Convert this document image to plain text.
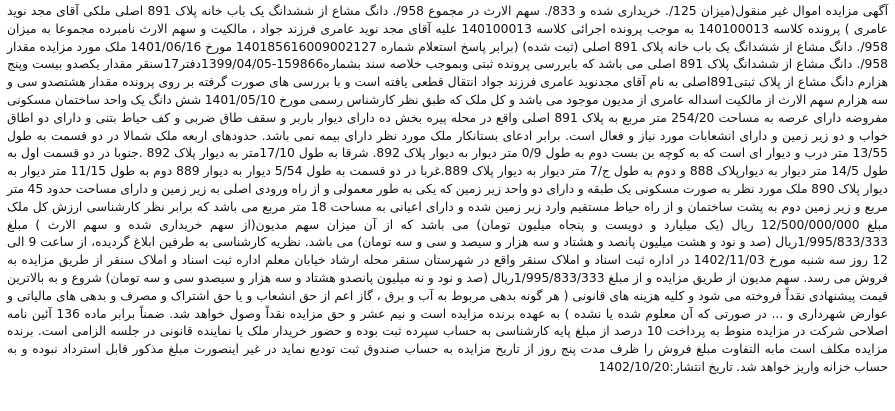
آگهی مزایده اموال غیر منقول(میزان 125/. خریداری شده و 833/. سهم الارث در مجموع 958/. دانگ مشاع از ششدانگ یک باب خانه پلاک 891 اصلی ملکی آقای مجد نوید عامری ) پرونده کلاسه 140100013 به موجب پرونده اجرائی کلاسه 140100013 علیه آقای مجد نوید عامری فرزند جواد ، مالکیت و سهم الارث نامبرده مجموعا به میزان 958/. دانگ مشاع از ششدانگ یک باب خانه پلاک 891 اصلی (ثبت شده) (برابر پاسخ استعلام شماره 14018561600900212​7 مورخ 1401/06/16 ملک مورد مزایده مقدار 958/. دانگ مشاع از ششدانگ پلاک 891 اصلی می باشد که بابررسی پرونده ثبتی وبموجب خلاصه سند بشماره159866-1399/04/05دفتر17سنقر مقدار یکصدو بیست وپنج هزارم دانگ مشاع از پلاک ثبتی891اصلی به نام آقای مجدنوید عامری فرزند جواد انتقال قطعی یافته است و با بررسی های صورت گرفته بر روی پرونده مقدار هشتصدو سی و سه هزارم سهم الارث از مالکیت اسداله عامری از مدیون موجود می باشد و کل ملک که طبق نظر کارشناس رسمی مورخ 1401/05/10 شش دانگ یک واحد ساختمان مسکونی مفروضه دارای عرصه به مساحت 254/20 متر مربع به پلاک 891 اصلی واقع در محله پیره بخش ده دارای دیوار باربر و سقف طاق ضربی و کف حیاط بتنی و دارای دو اطاق خواب و دو زیر زمین و دارای انشعابات مورد نیاز و فعال است. برابر ادعای بستانکار ملک مورد نظر دارای بیمه نمی باشد. حدودهای اربعه ملک شمالا در دو قسمت به طول 13/55 متر درب و دیوار ای است که به کوچه بن بست دوم به طول 0/9 متر دیوار به دیوار پلاک 892. شرقا به طول 17/10متر به دیوار پلاک 892 .جنوبا در دو قسمت اول به طول 14/5 متر دیوار به دیوارپلاک 888 و دوم به طول ج/7 متر دیوار به دیوار پلاک 889.غربا در دو قسمت به طول 5/54 دیوار به دیوار 889 دوم به طول 11/15 متر دیوار به دیوار پلاک 890 ملک مورد نظر به صورت مسکونی یک طبقه و دارای دو واحد زیر زمین که یکی به طور معمولی و از راه ورودی اصلی به زیر زمین و دارای مساحت حدود 45 متر مربع و زیر زمین دوم به پشت ساختمان و از راه حیاط مستقیم وارد زیر زمین شده و دارای اعیانی به مساحت 18 متر مربع می باشد که برابر نظر کارشناسی ارزش کل ملک مبلغ 12/500/000/000 ریال (یک میلیارد و دویست و پنجاه میلیون تومان) می باشد که از آن میزان سهم مدیون(از سهم خریداری شده و سهم الارث ) مبلغ 1/995/833/333ریال (صد و نود و هشت میلیون پانصد و هشتاد و سه هزار و سیصد و سی و سه تومان) می باشد. نظریه کارشناسی به طرفین ابلاغ گردیده، از ساعت 9 الی 12 روز سه شنبه مورخ 1402/11/03 در اداره ثبت اسناد و املاک سنقر واقع در شهرستان سنقر محله ارشاد خیابان معلم اداره ثبت اسناد و املاک سنقر از طریق مزایده به فروش می رسد. سهم مدیون از طریق مزایده و از مبلغ 1/995/833/333ریال (صد و نود و نه میلیون پانصدو هشتاد و سه هزار و سیصدو سی و سه تومان) شروع و به بالاترین قیمت پیشنهادی نقداً فروخته می شود و کلیه هزینه های قانونی ( هر گونه بدهی مربوط به آب و برق ، گاز اعم از حق انشعاب و یا حق اشتراک و مصرف و بدهی های مالیاتی و عوارض شهرداری و ... در صورتی که آن معلوم شده یا نشده ) به عهده برنده مزایده است و نیم عشر و حق مزایده نقداً وصول خواهد شد. ضمناً برابر ماده 136 آئین نامه اصلاحی شرکت در مزایده منوط به پرداخت 10 درصد از مبلغ پایه کارشناسی به حساب سپرده ثبت بوده و حضور خریدار ملک یا نماینده قانونی در جلسه الزامی است. برنده مزایده مکلف است مابه التفاوت مبلغ فروش را ظرف مدت پنج روز از تاریخ مزایده به حساب صندوق ثبت تودیع نماید در غیر اینصورت مبلغ مذکور قابل استرداد نبوده و به حساب خزانه واریز خواهد شد. تاریخ انتشار:1402/10/20
